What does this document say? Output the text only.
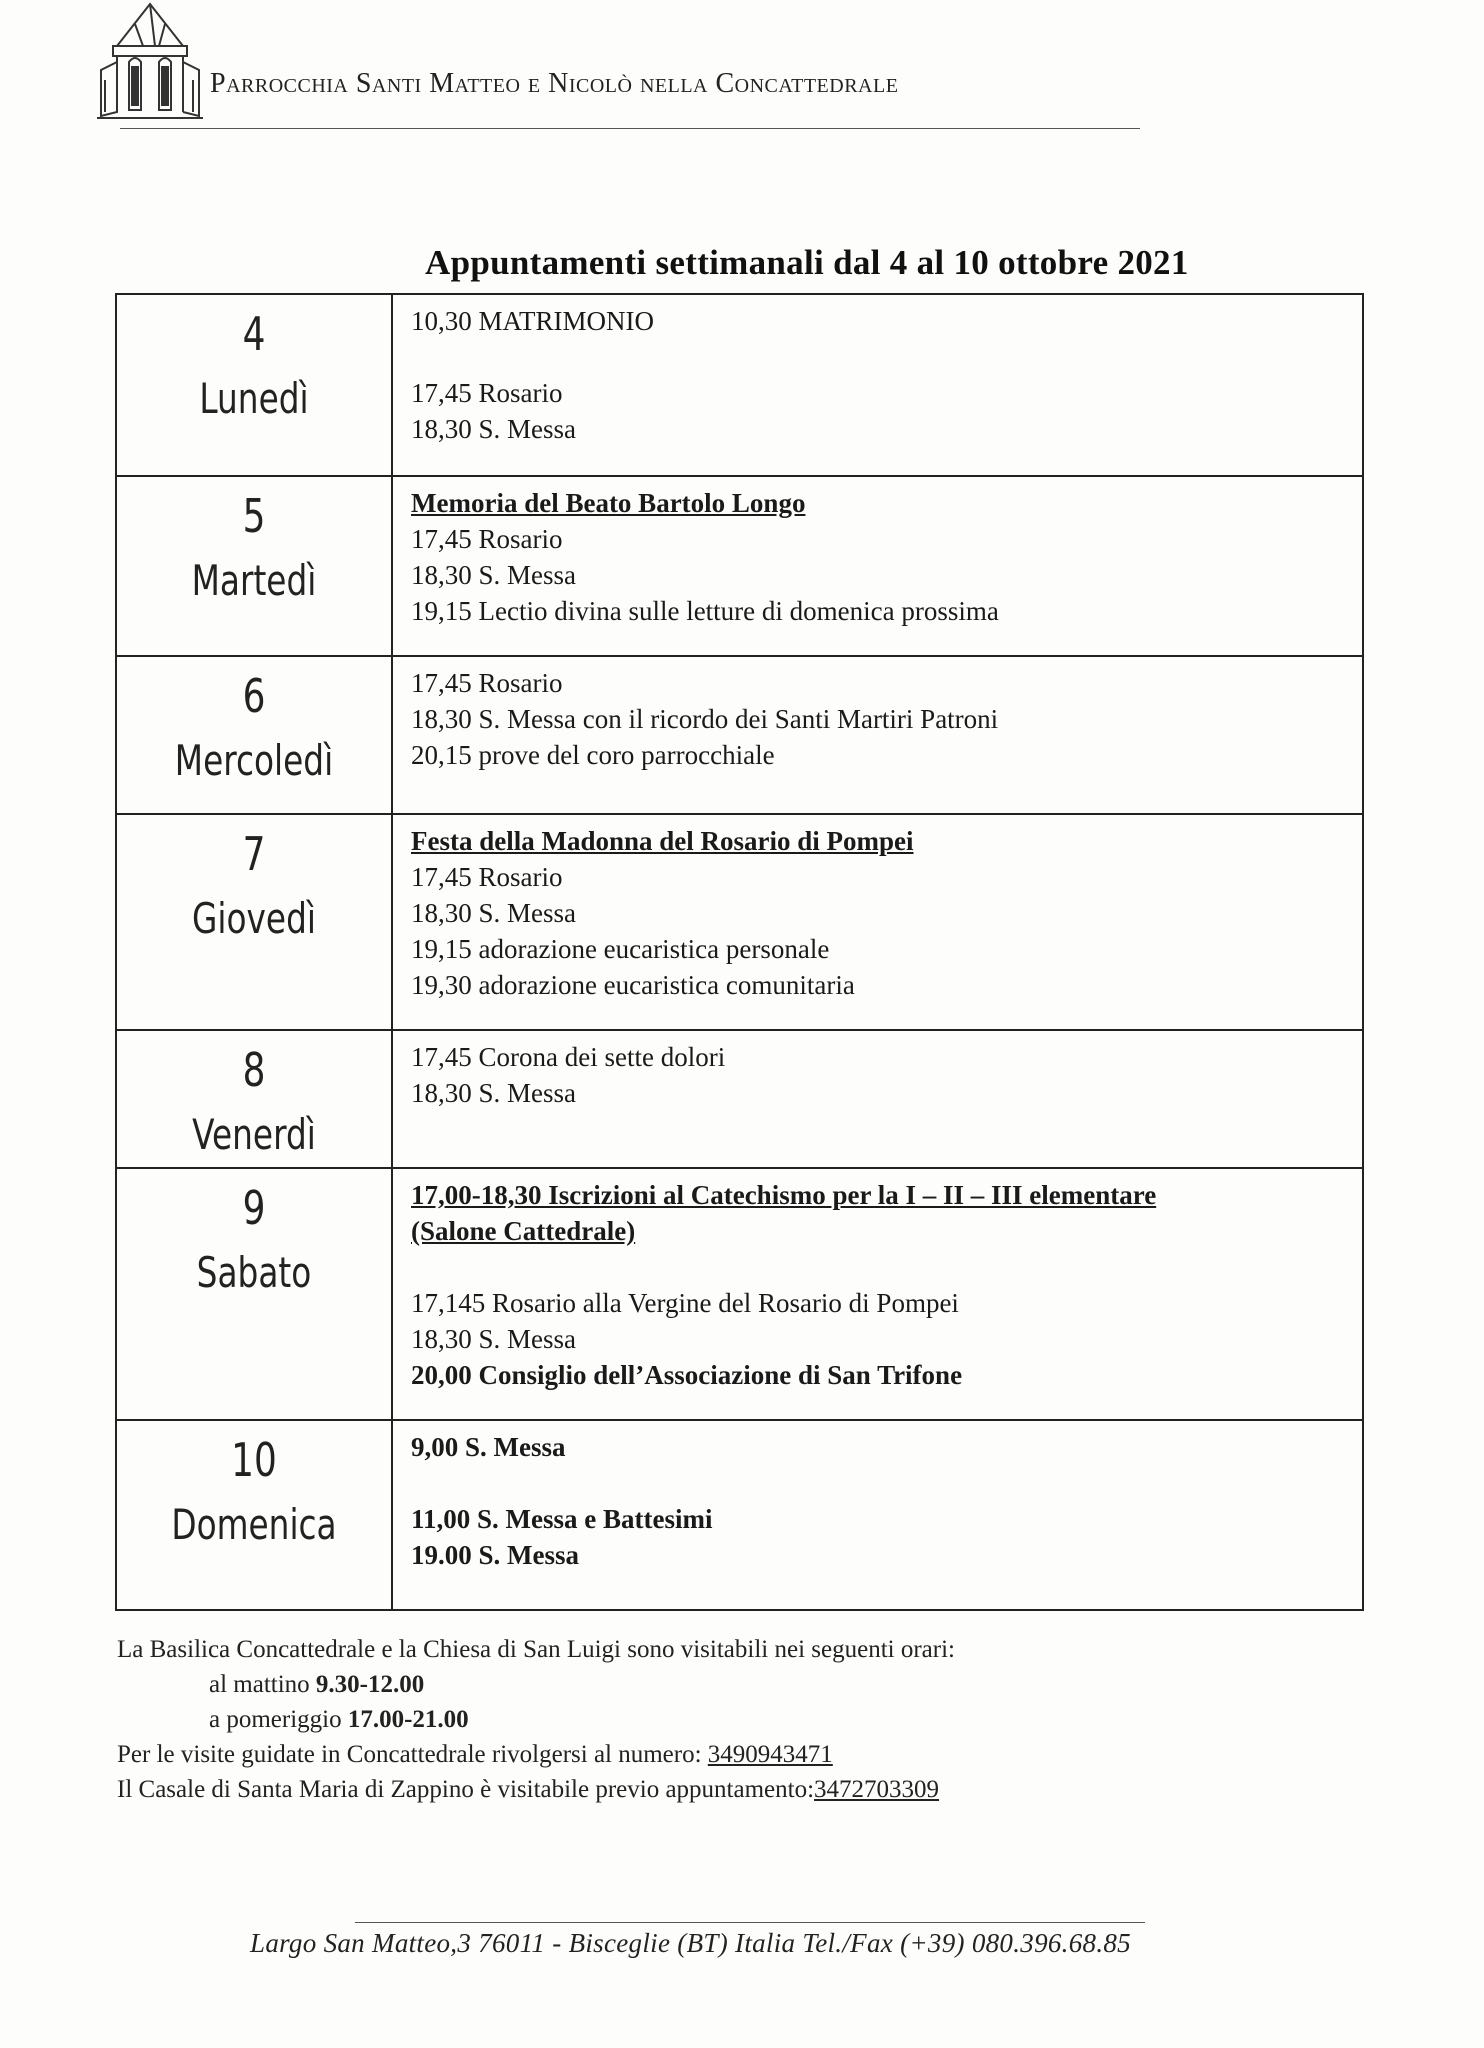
Parrocchia Santi Matteo e Nicolò nella Concattedrale
Appuntamenti settimanali dal 4 al 10 ottobre 2021
4
Lunedì	10,30 MATRIMONIO
17,45 Rosario
18,30 S. Messa

5
Martedì	Memoria del Beato Bartolo Longo
17,45 Rosario
18,30 S. Messa
19,15 Lectio divina sulle letture di domenica prossima

6
Mercoledì	17,45 Rosario
18,30 S. Messa con il ricordo dei Santi Martiri Patroni
20,15 prove del coro parrocchiale

7
Giovedì	Festa della Madonna del Rosario di Pompei
17,45 Rosario
18,30 S. Messa
19,15 adorazione eucaristica personale
19,30 adorazione eucaristica comunitaria

8
Venerdì	17,45 Corona dei sette dolori
18,30 S. Messa

9
Sabato	17,00-18,30 Iscrizioni al Catechismo per la I – II – III elementare
(Salone Cattedrale)
17,145 Rosario alla Vergine del Rosario di Pompei
18,30 S. Messa
20,00 Consiglio dell’Associazione di San Trifone

10
Domenica	9,00 S. Messa
11,00 S. Messa e Battesimi
19.00 S. Messa
La Basilica Concattedrale e la Chiesa di San Luigi sono visitabili nei seguenti orari:
al mattino 9.30-12.00
a pomeriggio 17.00-21.00
Per le visite guidate in Concattedrale rivolgersi al numero: 3490943471
Il Casale di Santa Maria di Zappino è visitabile previo appuntamento:3472703309
Largo San Matteo,3 76011 - Bisceglie (BT) Italia Tel./Fax (+39) 080.396.68.85
